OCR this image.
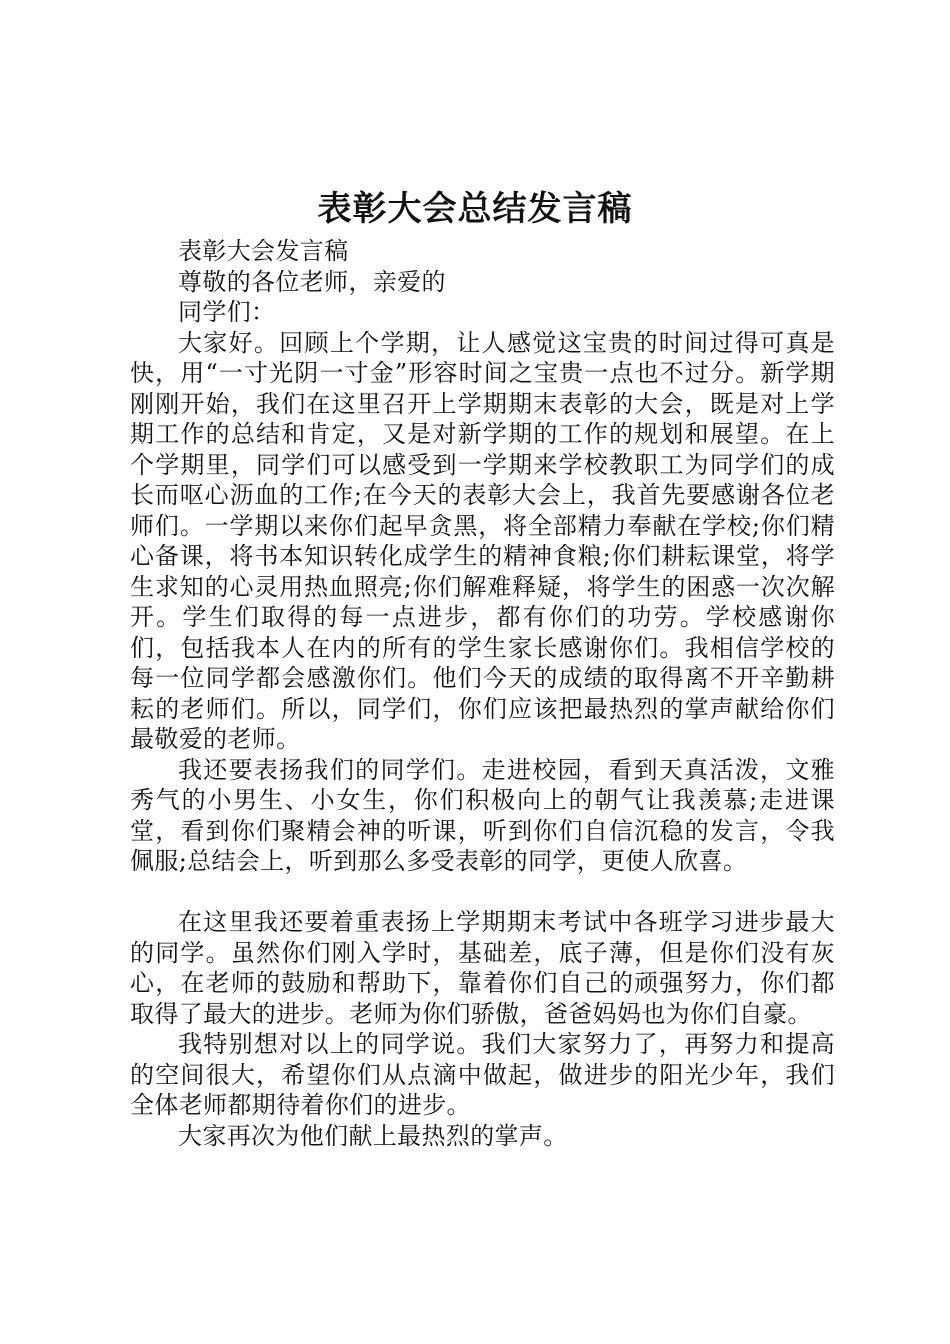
表彰大会总结发言稿

表彰大会发言稿

尊敬的各位老师，亲爱的

同学们：

大家好。回顾上个学期，让人感觉这宝贵的时间过得可真是快，用“一寸光阴一寸金”形容时间之宝贵一点也不过分。新学期刚刚开始，我们在这里召开上学期期末表彰的大会，既是对上学期工作的总结和肯定，又是对新学期的工作的规划和展望。在上个学期里，同学们可以感受到一学期来学校教职工为同学们的成长而呕心沥血的工作;在今天的表彰大会上，我首先要感谢各位老师们。一学期以来你们起早贪黑，将全部精力奉献在学校;你们精心备课，将书本知识转化成学生的精神食粮;你们耕耘课堂，将学生求知的心灵用热血照亮;你们解难释疑，将学生的困惑一次次解开。学生们取得的每一点进步，都有你们的功劳。学校感谢你们，包括我本人在内的所有的学生家长感谢你们。我相信学校的每一位同学都会感激你们。他们今天的成绩的取得离不开辛勤耕耘的老师们。所以，同学们，你们应该把最热烈的掌声献给你们最敬爱的老师。

我还要表扬我们的同学们。走进校园，看到天真活泼，文雅秀气的小男生、小女生，你们积极向上的朝气让我羡慕;走进课堂，看到你们聚精会神的听课，听到你们自信沉稳的发言，令我佩服;总结会上，听到那么多受表彰的同学，更使人欣喜。

在这里我还要着重表扬上学期期末考试中各班学习进步最大的同学。虽然你们刚入学时，基础差，底子薄，但是你们没有灰心，在老师的鼓励和帮助下，靠着你们自己的顽强努力，你们都取得了最大的进步。老师为你们骄傲，爸爸妈妈也为你们自豪。

我特别想对以上的同学说。我们大家努力了，再努力和提高的空间很大，希望你们从点滴中做起，做进步的阳光少年，我们全体老师都期待着你们的进步。

大家再次为他们献上最热烈的掌声。
